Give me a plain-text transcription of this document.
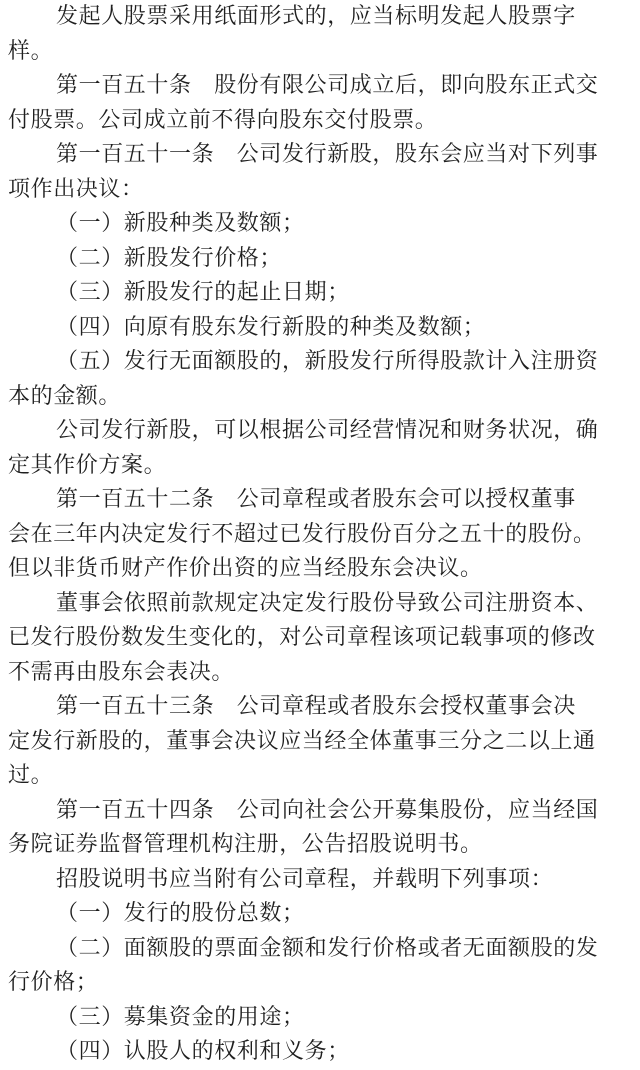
发起人股票采用纸面形式的，应当标明发起人股票字

样。

第一百五十条　股份有限公司成立后，即向股东正式交

付股票。公司成立前不得向股东交付股票。

第一百五十一条　公司发行新股，股东会应当对下列事

项作出决议：

（一）新股种类及数额；

（二）新股发行价格；

（三）新股发行的起止日期；

（四）向原有股东发行新股的种类及数额；

（五）发行无面额股的，新股发行所得股款计入注册资

本的金额。

公司发行新股，可以根据公司经营情况和财务状况，确

定其作价方案。

第一百五十二条　公司章程或者股东会可以授权董事

会在三年内决定发行不超过已发行股份百分之五十的股份。

但以非货币财产作价出资的应当经股东会决议。

董事会依照前款规定决定发行股份导致公司注册资本、

已发行股份数发生变化的，对公司章程该项记载事项的修改

不需再由股东会表决。

第一百五十三条　公司章程或者股东会授权董事会决

定发行新股的，董事会决议应当经全体董事三分之二以上通

过。

第一百五十四条　公司向社会公开募集股份，应当经国

务院证券监督管理机构注册，公告招股说明书。

招股说明书应当附有公司章程，并载明下列事项：

（一）发行的股份总数；

（二）面额股的票面金额和发行价格或者无面额股的发

行价格；

（三）募集资金的用途；

（四）认股人的权利和义务；
